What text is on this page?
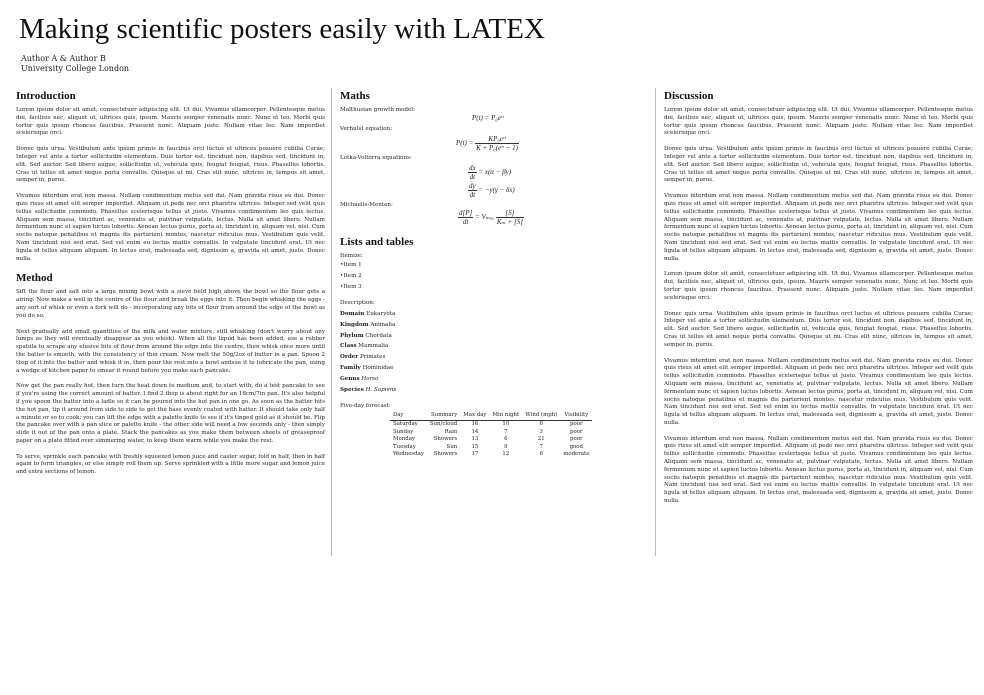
Making scientific posters easily with LATEX
Author A & Author B
University College London
Introduction

Lorem ipsum dolor sit amet, consectetuer adipiscing elit. Ut dui. Vivamus ullamcorper. Pellentesque metus dui, facilisis nec, aliquet ut, ultrices quis, ipsum. Mauris semper venenatis nunc. Nunc et leo. Morbi quis tortor quis ipsum rhoncus faucibus. Praesent nunc. Aliquam justo. Nullam vitae leo. Nam imperdiet scelerisque orci.

Donec quis urna. Vestibulum ante ipsum primis in faucibus orci luctus et ultrices posuere cubilia Curae; Integer vel ante a tortor sollicitudin elementum. Duis tortor est, tincidunt non, dapibus sed, tincidunt in, elit. Sed auctor. Sed libero augue, sollicitudin ut, vehicula quis, feugiat feugiat, risus. Phasellus lobortis. Cras ut tellus sit amet neque porta convallis. Quisque ut mi. Cras elit nunc, ultrices in, tempus sit amet, semper in, purus.

Vivamus interdum erat non massa. Nullam condimentum metus sed dui. Nam gravida risus eu dui. Donec quis risus sit amet elit semper imperdiet. Aliquam ut pede nec orci pharetra ultrices. Integer sed velit quis tellus sollicitudin commodo. Phasellus scelerisque tellus ut justo. Vivamus condimentum leo quis lectus. Aliquam sem massa, tincidunt ac, venenatis at, pulvinar vulputate, lectus. Nulla sit amet libero. Nullam fermentum nunc et sapien luctus lobortis. Aenean lectus purus, porta at, tincidunt in, aliquam vel, nisi. Cum sociis natoque penatibus et magnis dis parturient montes, nascetur ridiculus mus. Vestibulum quis velit. Nam tincidunt nisi sed erat. Sed vel enim eu lectus mattis convallis. In vulputate tincidunt erat. Ut nec ligula id tellus aliquam aliquam. In lectus erat, malesuada sed, dignissim a, gravida sit amet, justo. Donec nulla.

Method

Sift the flour and salt into a large mixing bowl with a sieve held high above the bowl so the flour gets a airing. Now make a well in the centre of the flour and break the eggs into it. Then begin whisking the eggs - any sort of whisk or even a fork will do - incorporating any bits of flour from around the edge of the bowl as you do so.

Next gradually add small quantities of the milk and water mixture, still whisking (don't worry about any lumps as they will eventually disappear as you whisk). When all the liquid has been added, use a rubber spatula to scrape any elusive bits of flour from around the edge into the centre, then whisk once more until the batter is smooth, with the consistency of thin cream. Now melt the 50g/2oz of butter in a pan. Spoon 2 tbsp of it into the batter and whisk it in, then pour the rest into a bowl andsue it to lubricate the pan, using a wedge of kitchen paper to smear it round before you make each pancake.

Now get the pan really hot, then turn the heat down to medium and, to start with, do a test pancake to see if you're using the correct amount of batter. I find 2 tbsp is about right for an 18cm/7in pan. It's also helpful if you spoon the batter into a ladle so it can be poured into the hot pan in one go. As soon as the batter hits the hot pan, tip it around from side to side to get the base evenly coated with batter. It should take only half a minute or so to cook; you can lift the edge with a palette knife to see if it's tinged gold as it should be. Flip the pancake over with a pan slice or palette knife - the other side will need a few seconds only - then simply slide it out of the pan onto a plate. Stack the pancakes as you make them between sheets of greaseproof paper on a plate fitted over simmering water, to keep them warm while you make the rest.

To serve, sprinkle each pancake with freshly squeezed lemon juice and caster sugar, fold in half, then in half again to form triangles, or else simply roll them up. Serve sprinkled with a little more sugar and lemon juice and extra sections of lemon.

Maths
Malthusian growth model:
P(t) = P₀eʳᵗ
Verhulst equation:
$P(t) = \frac{\text{KP₀eʳᵗ}}{\text{K + P₀(eʳᵗ − 1)}}$
Lotka-Volterra equations:
$\frac{dx}{dt} = x(\alpha - \beta y)$
$\frac{dy}{dt} = -y(\gamma - \delta x)$
Michaelis-Menten:
$\frac{d[P]}{dt} = V_{max} \frac{[S]}{\text{Kₘ + [S]}}$
Lists and tables
Itemize:
• Item 1
• Item 2
• Item 3
Description:
Domain Eukaryota
Kingdom Animalia
Phylum Chordata
Class Mammalia
Order Primates
Family Hominidae
Genus Homo
Species H. Sapiens
Five-day forecast:
Day	Summary	Max day	Min night	Wind (mph)	Visibility
Saturday	Sun/cloud	16	10	6	poor
Sunday	Rain	14	7	3	poor
Monday	Showers	13	6	21	poor
Tuesday	Sun	15	9	7	good
Wednesday	Showers	17	12	6	moderate
Discussion

Lorem ipsum dolor sit amet, consectetuer adipiscing elit. Ut dui. Vivamus ullamcorper. Pellentesque metus dui, facilisis nec, aliquet ut, ultrices quis, ipsum. Mauris semper venenatis nunc. Nunc et leo. Morbi quis tortor quis ipsum rhoncus faucibus. Praesent nunc. Aliquam justo. Nullam vitae leo. Nam imperdiet scelerisque orci.

Donec quis urna. Vestibulum ante ipsum primis in faucibus orci luctus et ultrices posuere cubilia Curae; Integer vel ante a tortor sollicitudin elementum. Duis tortor est, tincidunt non, dapibus sed, tincidunt in, elit. Sed auctor. Sed libero augue, sollicitudin ut, vehicula quis, feugiat feugiat, risus. Phasellus lobortis. Cras ut tellus sit amet neque porta convallis. Quisque ut mi. Cras elit nunc, ultrices in, tempus sit amet, semper in, purus.

Vivamus interdum erat non massa. Nullam condimentum metus sed dui. Nam gravida risus eu dui. Donec quis risus sit amet elit semper imperdiet. Aliquam ut pede nec orci pharetra ultrices. Integer sed velit quis tellus sollicitudin commodo. Phasellus scelerisque tellus ut justo. Vivamus condimentum leo quis lectus. Aliquam sem massa, tincidunt ac, venenatis at, pulvinar vulputate, lectus. Nulla sit amet libero. Nullam fermentum nunc et sapien luctus lobortis. Aenean lectus purus, porta at, tincidunt in, aliquam vel, nisi. Cum sociis natoque penatibus et magnis dis parturient montes, nascetur ridiculus mus. Vestibulum quis velit. Nam tincidunt nisi sed erat. Sed vel enim eu lectus mattis convallis. In vulputate tincidunt erat. Ut nec ligula id tellus aliquam aliquam. In lectus erat, malesuada sed, dignissim a, gravida sit amet, justo. Donec nulla.

Lorem ipsum dolor sit amet, consectetuer adipiscing elit. Ut dui. Vivamus ullamcorper. Pellentesque metus dui, facilisis nec, aliquet ut, ultrices quis, ipsum. Mauris semper venenatis nunc. Nunc et leo. Morbi quis tortor quis ipsum rhoncus faucibus. Praesent nunc. Aliquam justo. Nullam vitae leo. Nam imperdiet scelerisque orci.

Donec quis urna. Vestibulum ante ipsum primis in faucibus orci luctus et ultrices posuere cubilia Curae; Integer vel ante a tortor sollicitudin elementum. Duis tortor est, tincidunt non, dapibus sed, tincidunt in, elit. Sed auctor. Sed libero augue, sollicitudin ut, vehicula quis, feugiat feugiat, risus. Phasellus lobortis. Cras ut tellus sit amet neque porta convallis. Quisque ut mi. Cras elit nunc, ultrices in, tempus sit amet, semper in, purus.

Vivamus interdum erat non massa. Nullam condimentum metus sed dui. Nam gravida risus eu dui. Donec quis risus sit amet elit semper imperdiet. Aliquam ut pede nec orci pharetra ultrices. Integer sed velit quis tellus sollicitudin commodo. Phasellus scelerisque tellus ut justo. Vivamus condimentum leo quis lectus. Aliquam sem massa, tincidunt ac, venenatis at, pulvinar vulputate, lectus. Nulla sit amet libero. Nullam fermentum nunc et sapien luctus lobortis. Aenean lectus purus, porta at, tincidunt in, aliquam vel, nisi. Cum sociis natoque penatibus et magnis dis parturient montes, nascetur ridiculus mus. Vestibulum quis velit. Nam tincidunt nisi sed erat. Sed vel enim eu lectus mattis convallis. In vulputate tincidunt erat. Ut nec ligula id tellus aliquam aliquam. In lectus erat, malesuada sed, dignissim a, gravida sit amet, justo. Donec nulla.

Vivamus interdum erat non massa. Nullam condimentum metus sed dui. Nam gravida risus eu dui. Donec quis risus sit amet elit semper imperdiet. Aliquam ut pede nec orci pharetra ultrices. Integer sed velit quis tellus sollicitudin commodo. Phasellus scelerisque tellus ut justo. Vivamus condimentum leo quis lectus. Aliquam sem massa, tincidunt ac, venenatis at, pulvinar vulputate, lectus. Nulla sit amet libero. Nullam fermentum nunc et sapien luctus lobortis. Aenean lectus purus, porta at, tincidunt in, aliquam vel, nisi. Cum sociis natoque penatibus et magnis dis parturient montes, nascetur ridiculus mus. Vestibulum quis velit. Nam tincidunt nisi sed erat. Sed vel enim eu lectus mattis convallis. In vulputate tincidunt erat. Ut nec ligula id tellus aliquam aliquam. In lectus erat, malesuada sed, dignissim a, gravida sit amet, justo. Donec nulla.
